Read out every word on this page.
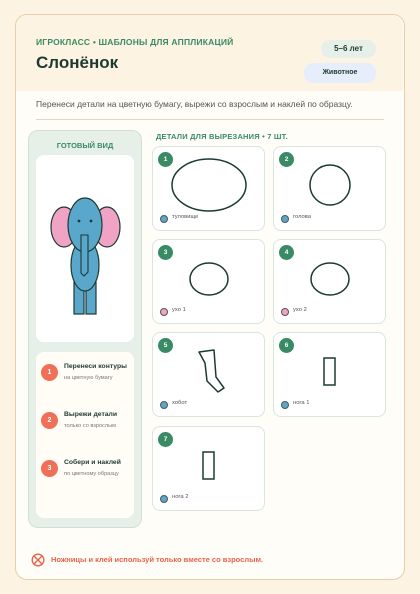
ИГРОКЛАСС • ШАБЛОНЫ ДЛЯ АППЛИКАЦИЙ
Слонёнок
5–6 лет
Животное
Перенеси детали на цветную бумагу, вырежи со взрослым и наклей по образцу.
ГОТОВЫЙ ВИД
1
Перенеси контуры
на цветную бумагу
2
Вырежи детали
только со взрослым
3
Собери и наклей
по цветному образцу
ДЕТАЛИ ДЛЯ ВЫРЕЗАНИЯ • 7 ШТ.
1
туловище
2
голова
3
ухо 1
4
ухо 2
5
хобот
6
нога 1
7
нога 2
Ножницы и клей используй только вместе со взрослым.
